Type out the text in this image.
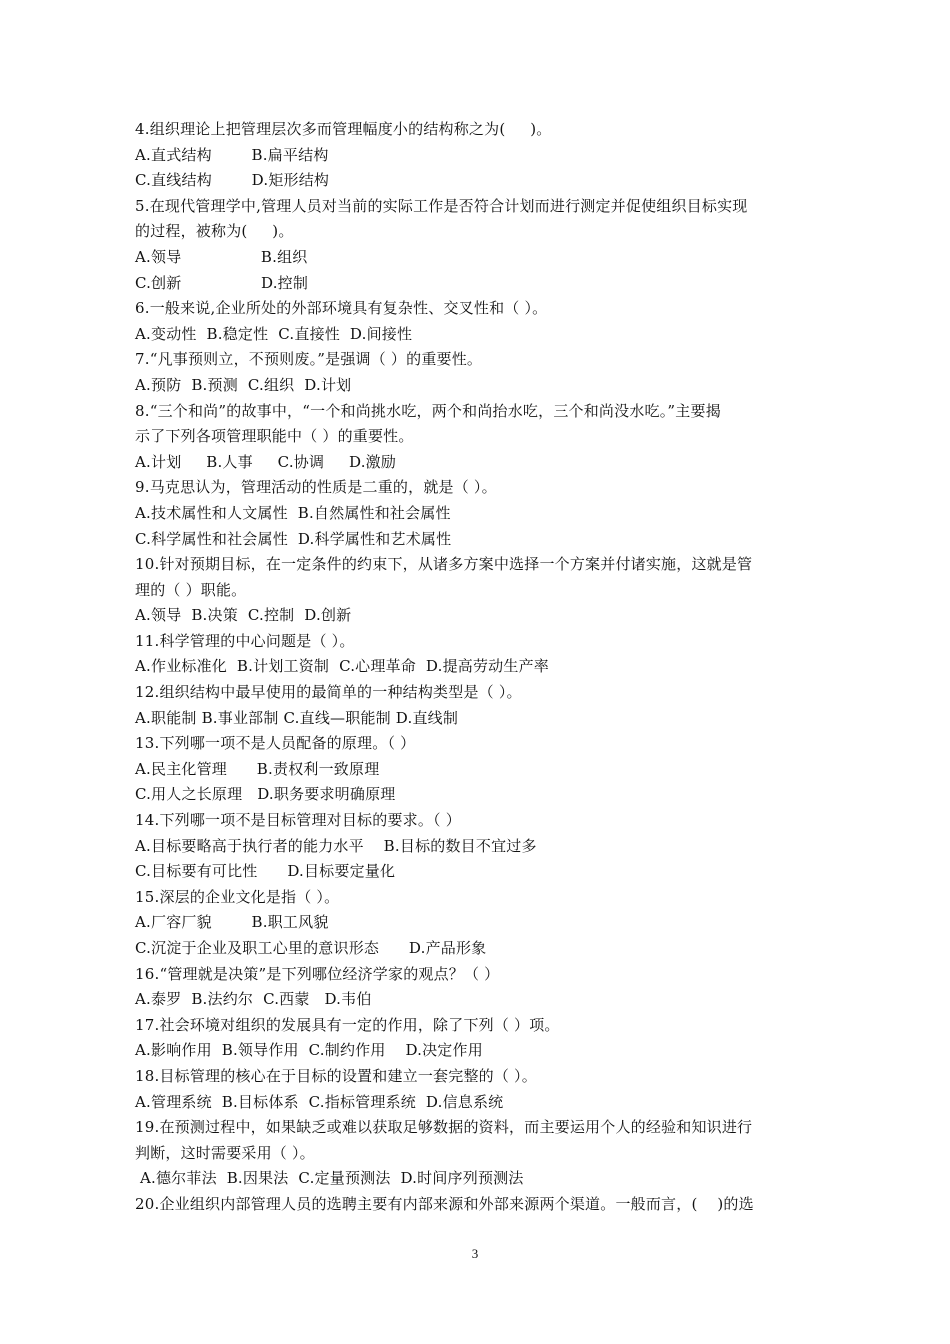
4.组织理论上把管理层次多而管理幅度小的结构称之为(     )。
A.直式结构        B.扁平结构
C.直线结构        D.矩形结构
5.在现代管理学中,管理人员对当前的实际工作是否符合计划而进行测定并促使组织目标实现
的过程，被称为(     )。
A.领导                B.组织
C.创新                D.控制
6.一般来说,企业所处的外部环境具有复杂性、交叉性和（ ）。
A.变动性  B.稳定性  C.直接性  D.间接性
7.“凡事预则立，不预则废。”是强调（ ）的重要性。
A.预防  B.预测  C.组织  D.计划
8.“三个和尚”的故事中，“一个和尚挑水吃，两个和尚抬水吃，三个和尚没水吃。”主要揭
示了下列各项管理职能中（ ）的重要性。
A.计划     B.人事     C.协调     D.激励
9.马克思认为，管理活动的性质是二重的，就是（ ）。
A.技术属性和人文属性  B.自然属性和社会属性
C.科学属性和社会属性  D.科学属性和艺术属性
10.针对预期目标，在一定条件的约束下，从诸多方案中选择一个方案并付诸实施，这就是管
理的（ ）职能。
A.领导  B.决策  C.控制  D.创新
11.科学管理的中心问题是（ ）。
A.作业标准化  B.计划工资制  C.心理革命  D.提高劳动生产率
12.组织结构中最早使用的最简单的一种结构类型是（ ）。
A.职能制 B.事业部制 C.直线—职能制 D.直线制
13.下列哪一项不是人员配备的原理。（ ）
A.民主化管理      B.责权利一致原理
C.用人之长原理   D.职务要求明确原理
14.下列哪一项不是目标管理对目标的要求。（ ）
A.目标要略高于执行者的能力水平    B.目标的数目不宜过多
C.目标要有可比性      D.目标要定量化
15.深层的企业文化是指（ ）。
A.厂容厂貌        B.职工风貌
C.沉淀于企业及职工心里的意识形态      D.产品形象
16.“管理就是决策”是下列哪位经济学家的观点？（ ）
A.泰罗  B.法约尔  C.西蒙   D.韦伯
17.社会环境对组织的发展具有一定的作用，除了下列（ ）项。
A.影响作用  B.领导作用  C.制约作用    D.决定作用
18.目标管理的核心在于目标的设置和建立一套完整的（ ）。
A.管理系统  B.目标体系  C.指标管理系统  D.信息系统
19.在预测过程中，如果缺乏或难以获取足够数据的资料，而主要运用个人的经验和知识进行
判断，这时需要采用（ ）。
A.德尔菲法  B.因果法  C.定量预测法  D.时间序列预测法
20.企业组织内部管理人员的选聘主要有内部来源和外部来源两个渠道。一般而言，(    )的选
3
